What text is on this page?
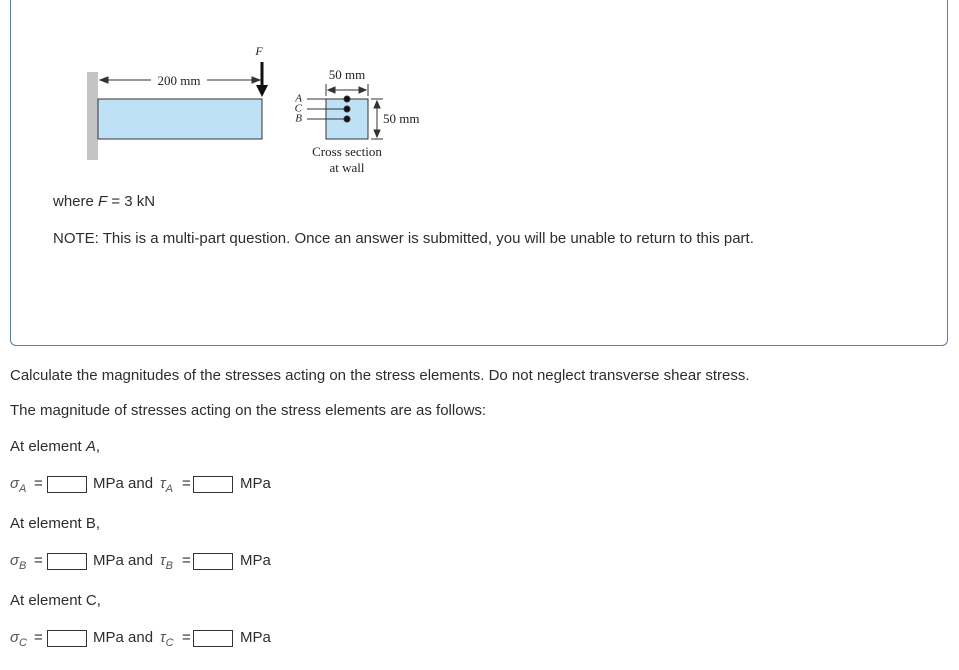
200 mm
F
50 mm
50 mm
A
C
B
Cross section
at wall
where F = 3 kN
NOTE: This is a multi-part question. Once an answer is submitted, you will be unable to return to this part.
Calculate the magnitudes of the stresses acting on the stress elements. Do not neglect transverse shear stress.
The magnitude of stresses acting on the stress elements are as follows:
At element A,
$\sigma_A$ =	MPa and $\tau_A$ =	MPa
At element B,
$\sigma_B$ =	MPa and $\tau_B$ =	MPa
At element C,
$\sigma_C$ =	MPa and $\tau_C$ =	MPa
